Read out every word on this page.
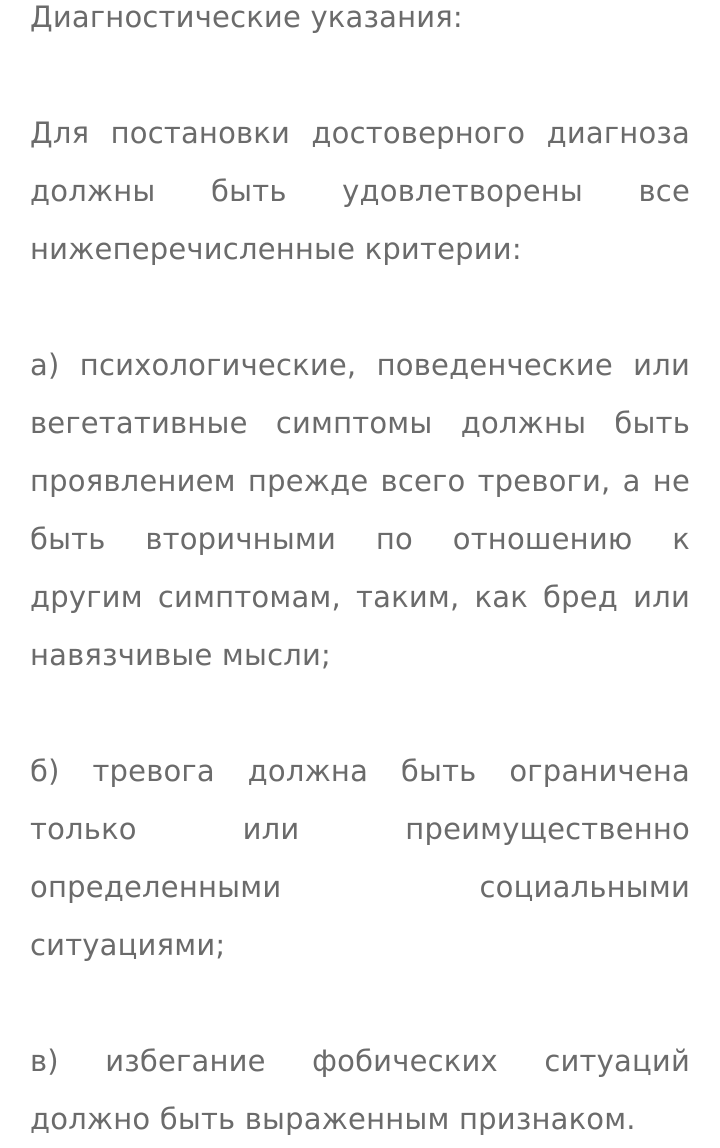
Диагностические указания:

Для постановки достоверного диагноза должны быть удовлетворены все нижеперечисленные критерии:

а) психологические, поведенческие или вегетативные симптомы должны быть проявлением прежде всего тревоги, а не быть вторичными по отношению к другим симптомам, таким, как бред или навязчивые мысли;

б) тревога должна быть ограничена только или преимущественно определенными социальными ситуациями;

в) избегание фобических ситуаций должно быть выраженным признаком.
